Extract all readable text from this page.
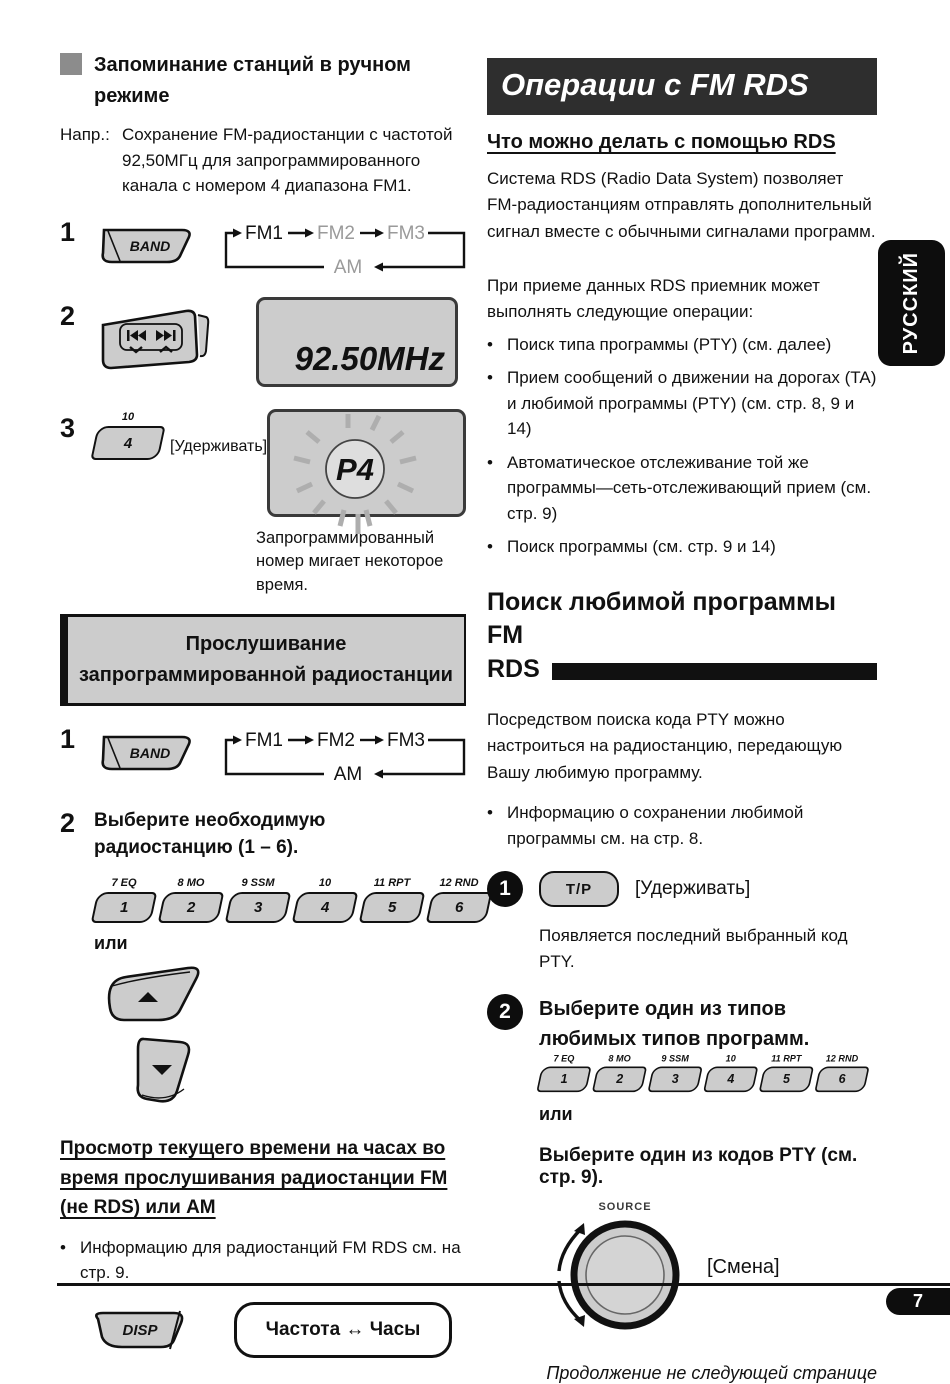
Запоминание станций в ручном режиме
Напр.: Сохранение FM-радиостанции с частотой 92,50МГц для запрограммированного канала с номером 4 диапазона FM1.
1	BAND
FM1 FM2 FM3
AM
2
92.50MHz
3	10
4 [Удерживать]
P4
Запрограммированный номер мигает некоторое время.
Прослушивание запрограммированной радиостанции
1	BAND
FM1 FM2 FM3
AM
2 Выберите необходимую радиостанцию (1 – 6).
7 EQ
1
8 MO
2
9 SSM
3
10
4
11 RPT
5
12 RND
6
или

Просмотр текущего времени на часах во время прослушивания радиостанции FM (не RDS) или AM
• Информацию для радиостанций FM RDS см. на стр. 9.
DISP	Частота ↔ Часы
Операции с FM RDS
Что можно делать с помощью RDS
Система RDS (Radio Data System) позволяет FM-радиостанциям отправлять дополнительный сигнал вместе с обычными сигналами программ.
При приеме данных RDS приемник может выполнять следующие операции:
• Поиск типа программы (PTY) (см. далее)
• Прием сообщений о движении на дорогах (TA) и любимой программы (PTY) (см. стр. 8, 9 и 14)
• Автоматическое отслеживание той же программы—сеть-отслеживающий прием (см. стр. 9)
• Поиск программы (см. стр. 9 и 14)
Поиск любимой программы FM
RDS
Посредством поиска кода PTY можно настроиться на радиостанцию, передающую Вашу любимую программу.
• Информацию о сохранении любимой программы см. на стр. 8.
1	T/P	[Удерживать]
Появляется последний выбранный код PTY.
2	Выберите один из типов любимых типов программ.
7 EQ
1
8 MO
2
9 SSM
3
10
4
11 RPT
5
12 RND
6
или
Выберите один из кодов PTY (см. стр. 9).
SOURCE
[Смена]
Продолжение не следующей странице
РУССКИЙ
7
